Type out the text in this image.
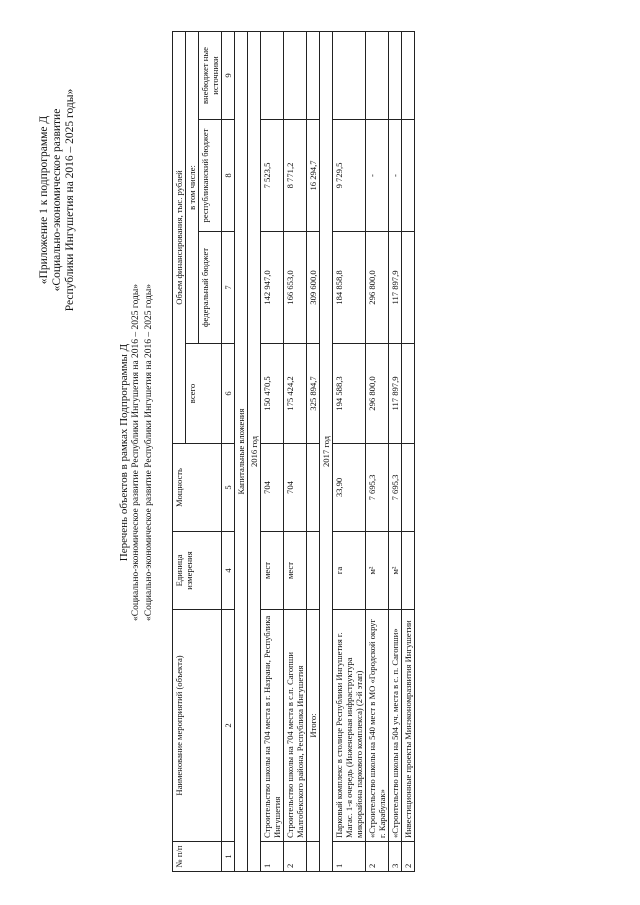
«Приложение 1 к подпрограмме Д «Социально-экономическое развитие Республики Ингушетия на 2016 – 2025 годы»
Перечень объектов в рамках Подпрограммы Д «Социально-экономическое развитие Республики Ингушетия на 2016 – 2025 годы» «Социально-экономическое развитие Республики Ингушетия на 2016 – 2025 годы»
№ п/п	Наименование мероприятий (объекта)	Единица измерения	Мощность	Объем финансирования, тыс. рублей			
				всего	в том числе:		
					федеральный бюджет	республиканский бюджет	внебюджет ные источники
1	2	4	5	6	7	8	9
Капитальные вложения							
2016 год							
1	Строительство школы на 704 места в г. Назрани, Республика Ингушетия	мест	704	150 470,5	142 947,0	7 523,5	
2	Строительство школы на 704 места в с.п. Сагопши Малгобекского района, Республика Ингушетия	мест	704	175 424,2	166 653,0	8 771,2	
	Итого:			325 894,7	309 600,0	16 294,7	
2017 год							
1	Парковый комплекс в столице Республики Ингушетия г. Магас. 1-я очередь (Инженерная инфраструктура микрорайона паркового комплекса) (2-й этап)	га	33,90	194 588,3	184 858,8	9 729,5	
2	«Строительство школы на 540 мест в МО «Городской округ г. Карабулак»	м²	7 695,3	296 800,0	296 800,0	-	
3	«Строительство школы на 504 уч. места в с. п. Сагопши»	м²	7 695,3	117 897,9	117 897,9	-	
2	Инвестиционные проекты Минэкономразвития Ингушетии						
